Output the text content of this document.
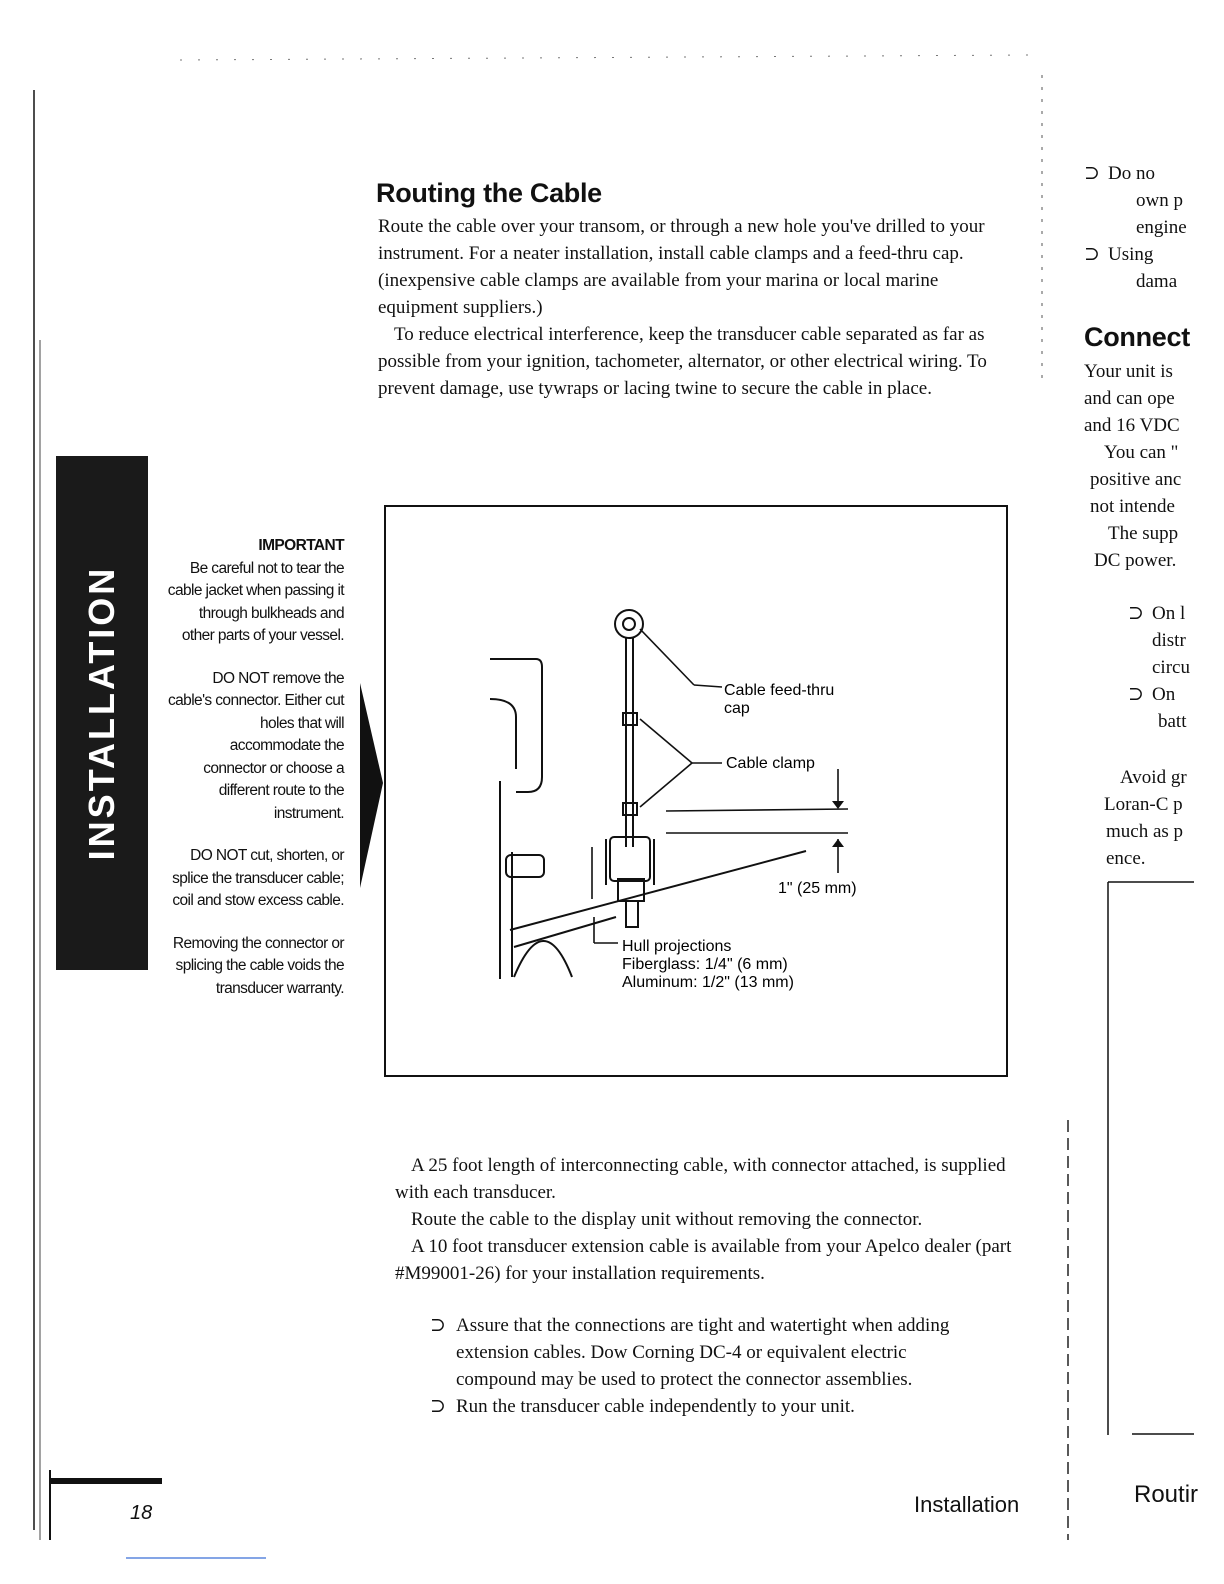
INSTALLATION
Routing the Cable

Route the cable over your transom, or through a new hole you've drilled to your instrument. For a neater installation, install cable clamps and a feed-thru cap. (inexpensive cable clamps are available from your marina or local marine equipment suppliers.)

To reduce electrical interference, keep the transducer cable separated as far as possible from your ignition, tachometer, alternator, or other electrical wiring. To prevent damage, use tywraps or lacing twine to secure the cable in place.

IMPORTANT

Be careful not to tear the cable jacket when passing it through bulkheads and other parts of your vessel.

DO NOT remove the cable's connector. Either cut holes that will accommodate the connector or choose a different route to the instrument.

DO NOT cut, shorten, or splice the transducer cable; coil and stow excess cable.

Removing the connector or splicing the cable voids the transducer warranty.

Cable feed-thru
cap
Cable clamp
1" (25 mm)
Hull projections
Fiberglass: 1/4" (6 mm)
Aluminum: 1/2" (13 mm)

A 25 foot length of interconnecting cable, with connector attached, is supplied with each transducer.

Route the cable to the display unit without removing the connector.

A 10 foot transducer extension cable is available from your Apelco dealer (part #M99001-26) for your installation requirements.

⊃ Assure that the connections are tight and watertight when adding extension cables. Dow Corning DC-4 or equivalent electric compound may be used to protect the connector assemblies.
⊃ Run the transducer cable independently to your unit.
⊃ Do no
own p
engine
⊃ Using
dama
Connect
Your unit is
and can ope
and 16 VDC
You can "
positive anc
not intende
The supp
DC power.
⊃ On l
distr
circu
⊃ On
batt
Avoid gr
Loran-C p
much as p
ence.
18	Installation	Routir
